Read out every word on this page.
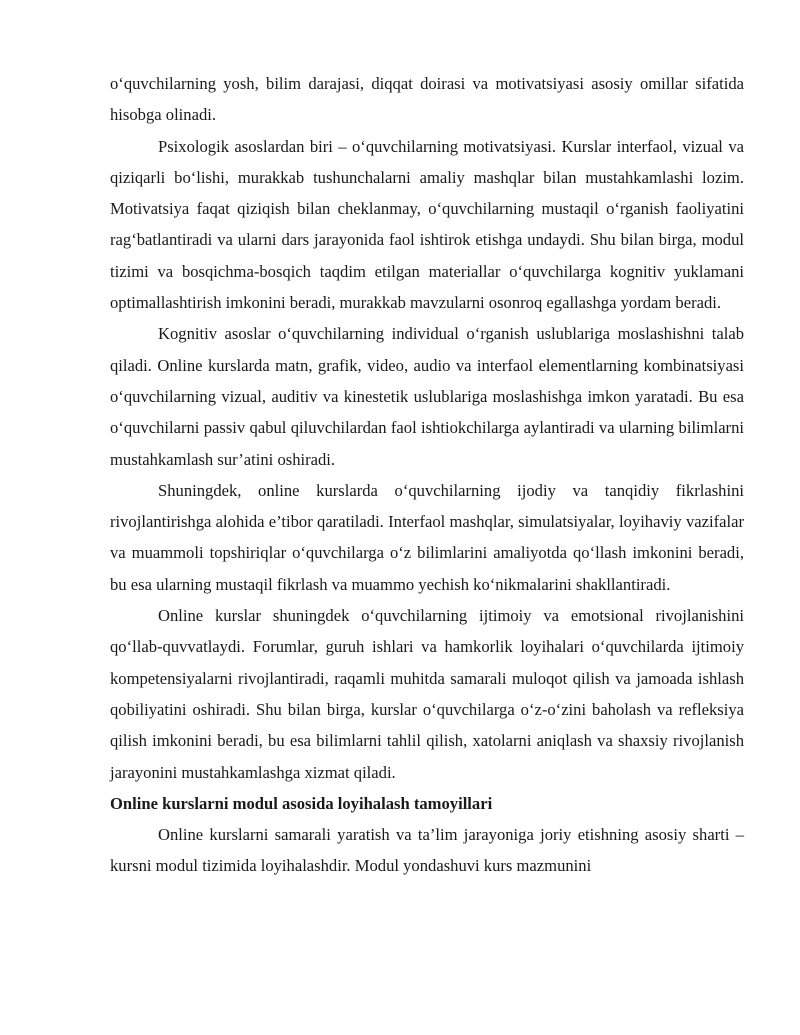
o‘quvchilarning yosh, bilim darajasi, diqqat doirasi va motivatsiyasi asosiy omillar sifatida hisobga olinadi.

Psixologik asoslardan biri – o‘quvchilarning motivatsiyasi. Kurslar interfaol, vizual va qiziqarli bo‘lishi, murakkab tushunchalarni amaliy mashqlar bilan mustahkamlashi lozim. Motivatsiya faqat qiziqish bilan cheklanmay, o‘quvchilarning mustaqil o‘rganish faoliyatini rag‘batlantiradi va ularni dars jarayonida faol ishtirok etishga undaydi. Shu bilan birga, modul tizimi va bosqichma-bosqich taqdim etilgan materiallar o‘quvchilarga kognitiv yuklamani optimallashtirish imkonini beradi, murakkab mavzularni osonroq egallashga yordam beradi.

Kognitiv asoslar o‘quvchilarning individual o‘rganish uslublariga moslashishni talab qiladi. Online kurslarda matn, grafik, video, audio va interfaol elementlarning kombinatsiyasi o‘quvchilarning vizual, auditiv va kinestetik uslublariga moslashishga imkon yaratadi. Bu esa o‘quvchilarni passiv qabul qiluvchilardan faol ishtiokchilarga aylantiradi va ularning bilimlarni mustahkamlash sur’atini oshiradi.

Shuningdek, online kurslarda o‘quvchilarning ijodiy va tanqidiy fikrlashini rivojlantirishga alohida e’tibor qaratiladi. Interfaol mashqlar, simulatsiyalar, loyihaviy vazifalar va muammoli topshiriqlar o‘quvchilarga o‘z bilimlarini amaliyotda qo‘llash imkonini beradi, bu esa ularning mustaqil fikrlash va muammo yechish ko‘nikmalarini shakllantiradi.

Online kurslar shuningdek o‘quvchilarning ijtimoiy va emotsional rivojlanishini qo‘llab-quvvatlaydi. Forumlar, guruh ishlari va hamkorlik loyihalari o‘quvchilarda ijtimoiy kompetensiyalarni rivojlantiradi, raqamli muhitda samarali muloqot qilish va jamoada ishlash qobiliyatini oshiradi. Shu bilan birga, kurslar o‘quvchilarga o‘z-o‘zini baholash va refleksiya qilish imkonini beradi, bu esa bilimlarni tahlil qilish, xatolarni aniqlash va shaxsiy rivojlanish jarayonini mustahkamlashga xizmat qiladi.

Online kurslarni modul asosida loyihalash tamoyillari

Online kurslarni samarali yaratish va ta’lim jarayoniga joriy etishning asosiy sharti – kursni modul tizimida loyihalashdir. Modul yondashuvi kurs mazmunini
